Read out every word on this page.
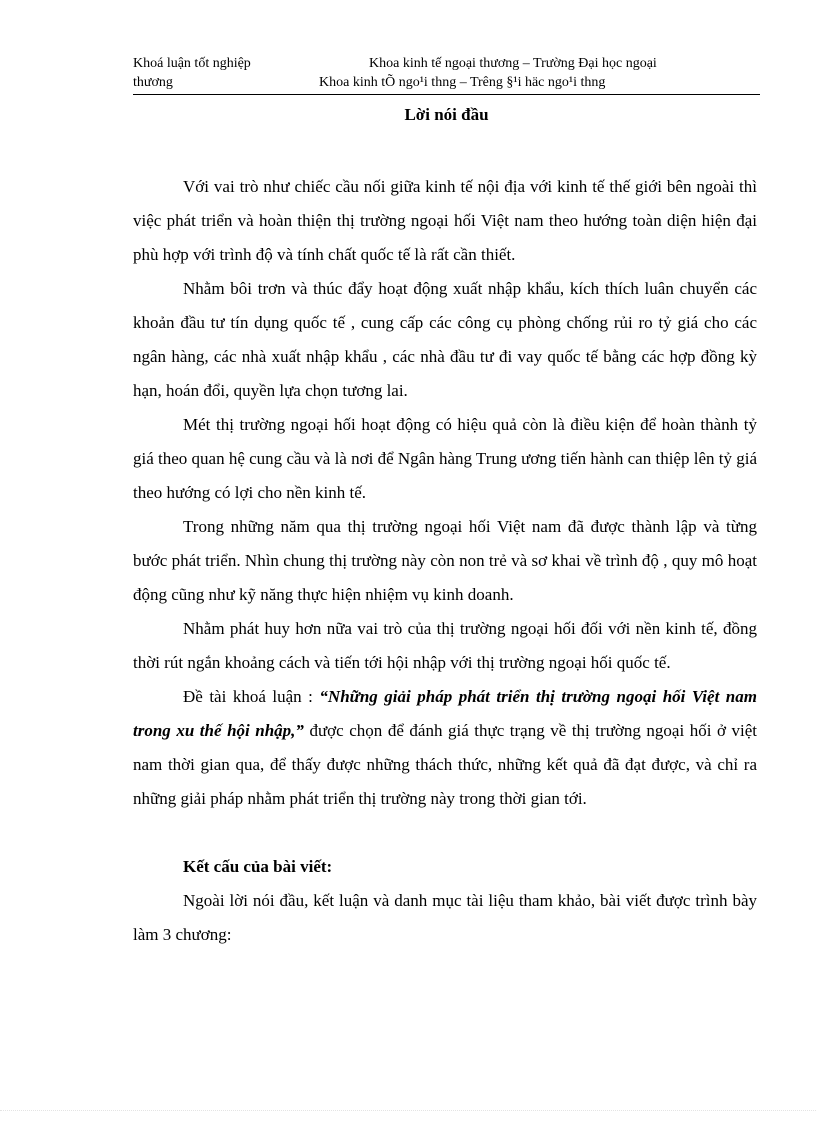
Khoá luận tốt nghiệp	Khoa kinh tế ngoại thương – Trường Đại học ngoại
thương	Khoa kinh tÕ ngo¹i thng – Trêng §¹i häc ngo¹i thng
Lời nói đầu

Với vai trò như chiếc cầu nối giữa kinh tế nội địa với kinh tế thế giới bên ngoài thì việc phát triển và hoàn thiện thị trường ngoại hối Việt nam theo hướng toàn diện hiện đại phù hợp với trình độ và tính chất quốc tế là rất cần thiết.

Nhằm bôi trơn và thúc đẩy hoạt động xuất nhập khẩu, kích thích luân chuyển các khoản đầu tư tín dụng quốc tế , cung cấp các công cụ phòng chống rủi ro tỷ giá cho các ngân hàng, các nhà xuất nhập khẩu , các nhà đầu tư đi vay quốc tế bằng các hợp đồng kỳ hạn, hoán đổi, quyền lựa chọn tương lai.

Mét thị trường ngoại hối hoạt động có hiệu quả còn là điều kiện để hoàn thành tỷ giá theo quan hệ cung cầu và là nơi để Ngân hàng Trung ương tiến hành can thiệp lên tỷ giá theo hướng có lợi cho nền kinh tế.

Trong những năm qua thị trường ngoại hối Việt nam đã được thành lập và từng bước phát triển. Nhìn chung thị trường này còn non trẻ và sơ khai về trình độ , quy mô hoạt động cũng như kỹ năng thực hiện nhiệm vụ kinh doanh.

Nhằm phát huy hơn nữa vai trò của thị trường ngoại hối đối với nền kinh tế, đồng thời rút ngắn khoảng cách và tiến tới hội nhập với thị trường ngoại hối quốc tế.

Đề tài khoá luận : “Những giải pháp phát triển thị trường ngoại hối Việt nam trong xu thế hội nhập,” được chọn để đánh giá thực trạng về thị trường ngoại hối ở việt nam thời gian qua, để thấy được những thách thức, những kết quả đã đạt được, và chỉ ra những giải pháp nhằm phát triển thị trường này trong thời gian tới.

Kết cấu của bài viết:

Ngoài lời nói đầu, kết luận và danh mục tài liệu tham khảo, bài viết được trình bày làm 3 chương:
